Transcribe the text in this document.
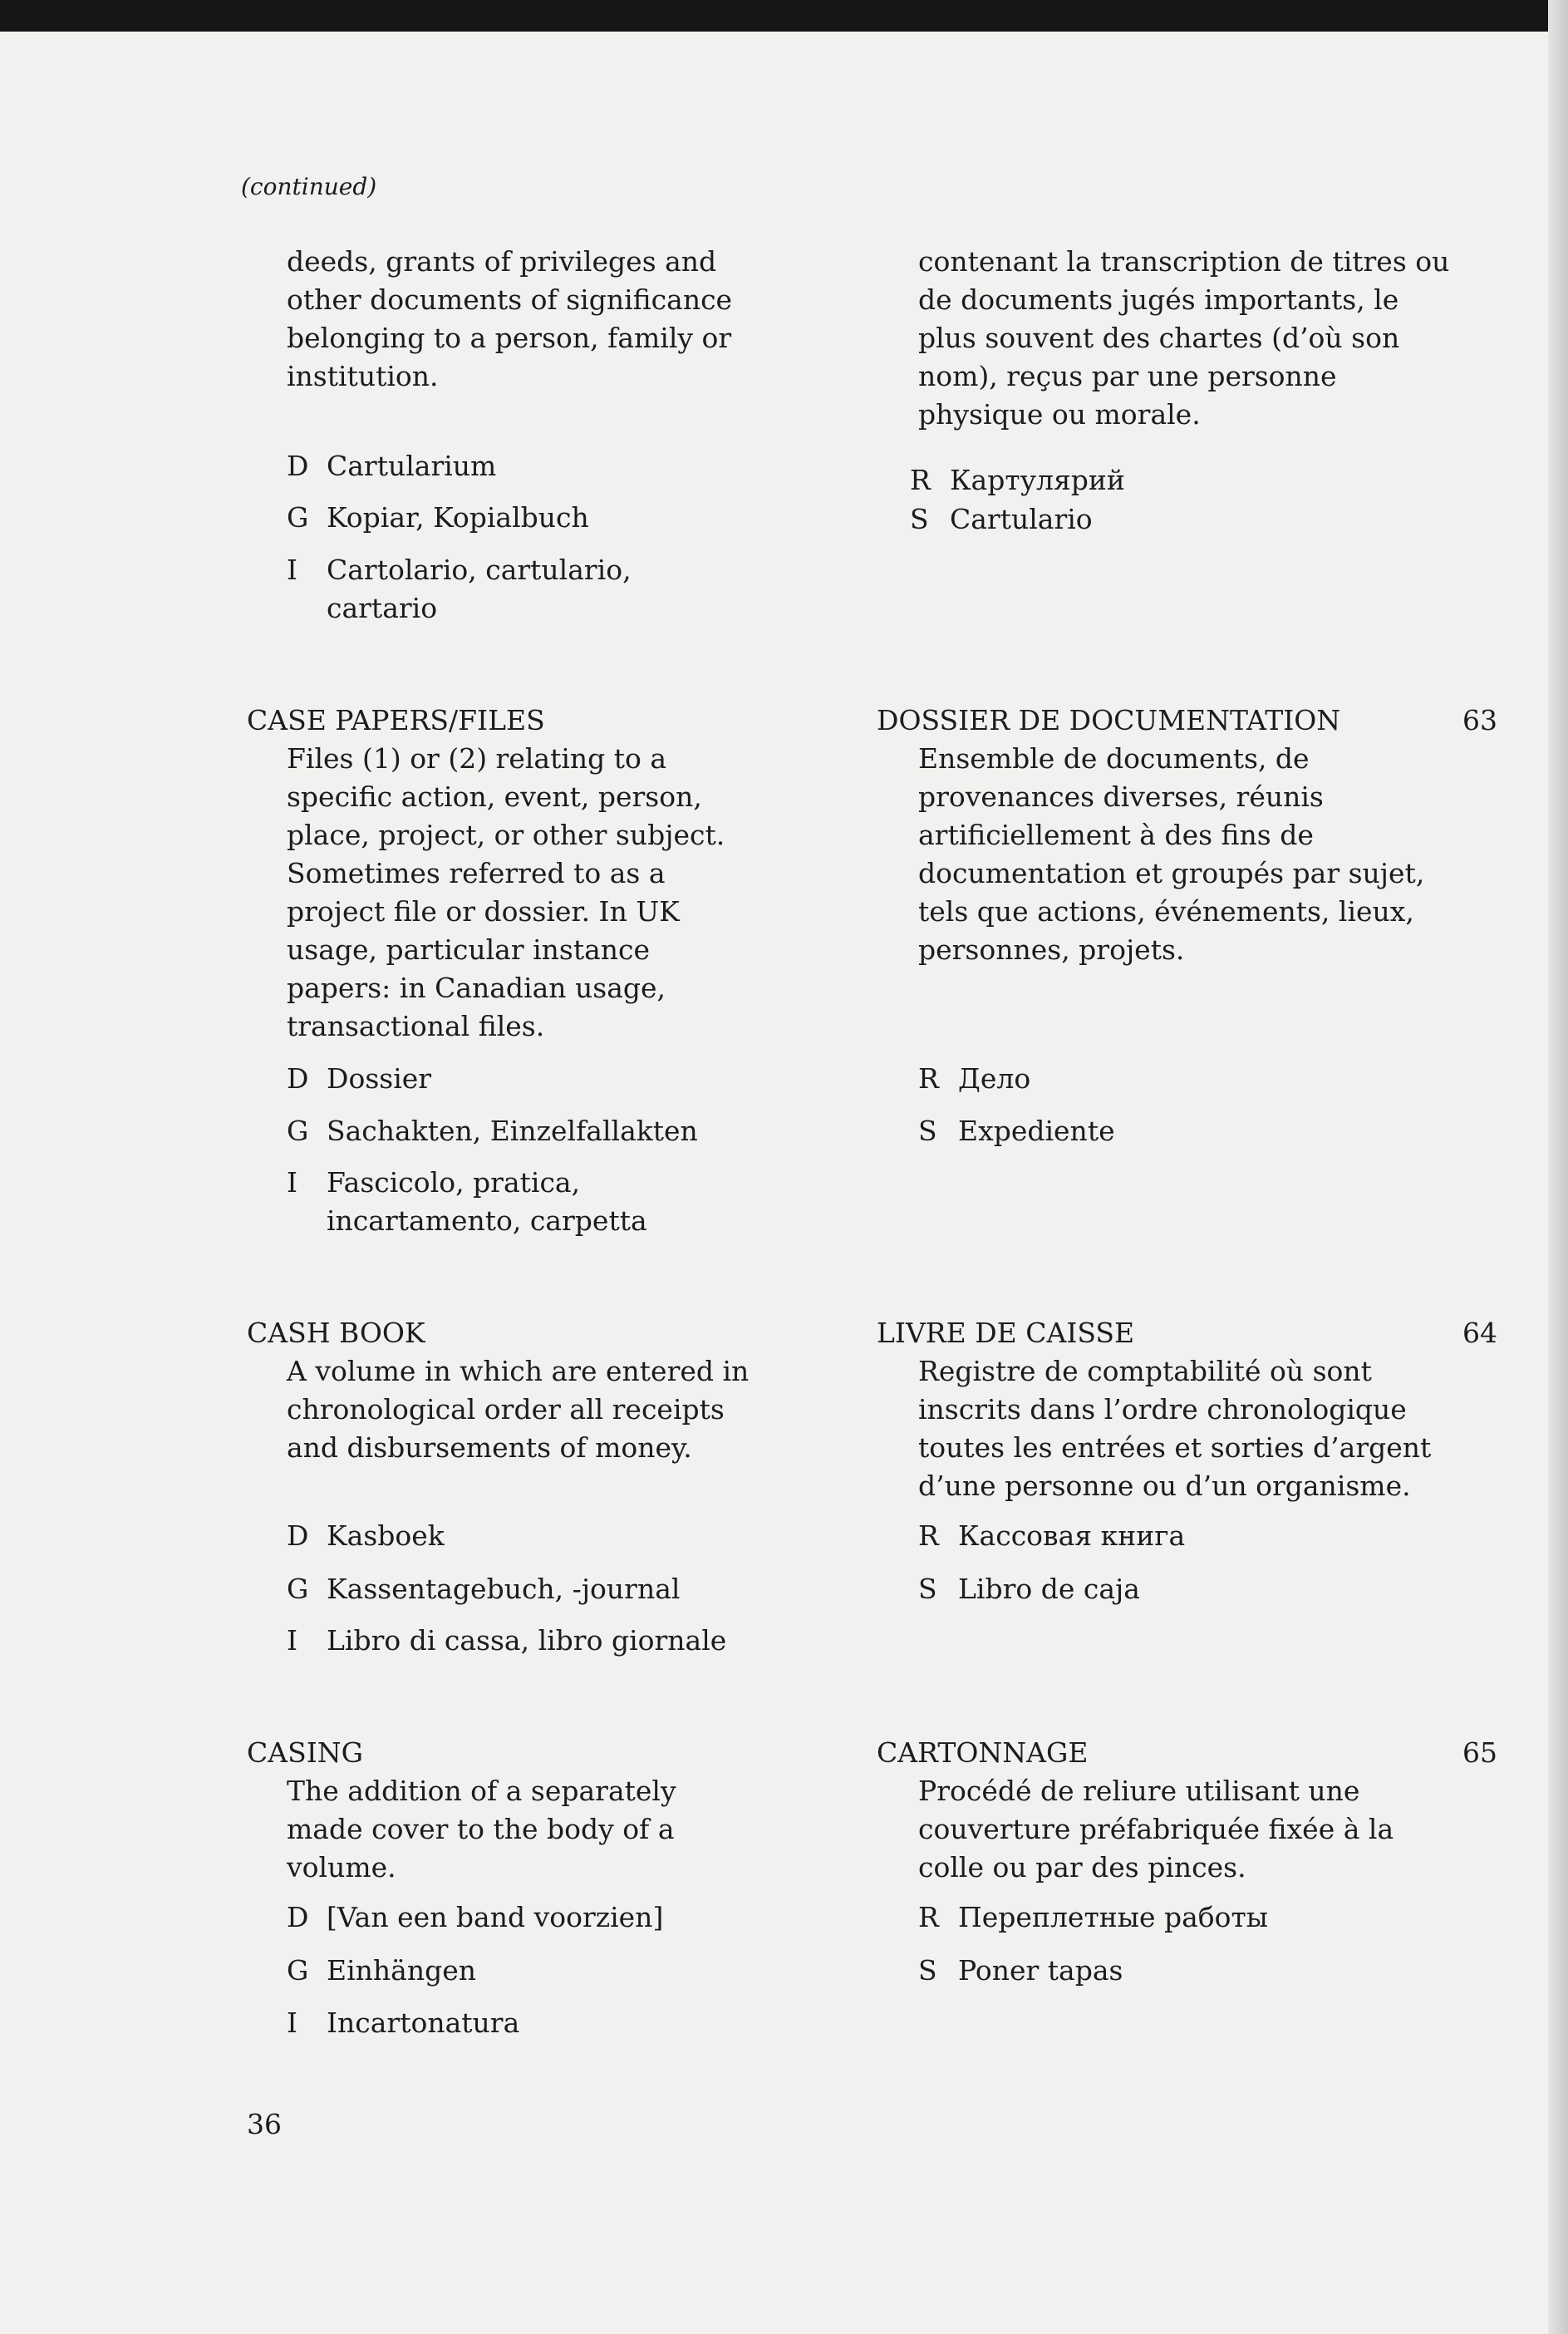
(continued)
deeds, grants of privileges and other documents of significance belonging to a person, family or institution.
contenant la transcription de titres ou de documents jugés importants, le plus souvent des chartes (d’où son nom), reçus par une personne physique ou morale.
D Cartularium
G Kopiar, Kopialbuch
I Cartolario, cartulario, cartario
R Картулярий
S Cartulario
CASE PAPERS/FILES	DOSSIER DE DOCUMENTATION	63
Files (1) or (2) relating to a specific action, event, person, place, project, or other subject. Sometimes referred to as a project file or dossier. In UK usage, particular instance papers: in Canadian usage, transactional files.
Ensemble de documents, de provenances diverses, réunis artificiellement à des fins de documentation et groupés par sujet, tels que actions, événements, lieux, personnes, projets.
D Dossier
G Sachakten, Einzelfallakten
I Fascicolo, pratica, incartamento, carpetta
R Дело
S Expediente
CASH BOOK	LIVRE DE CAISSE	64
A volume in which are entered in chronological order all receipts and disbursements of money.
Registre de comptabilité où sont inscrits dans l’ordre chronologique toutes les entrées et sorties d’argent d’une personne ou d’un organisme.
D Kasboek
G Kassentagebuch, -journal
I Libro di cassa, libro giornale
R Кассовая книга
S Libro de caja
CASING	CARTONNAGE	65
The addition of a separately made cover to the body of a volume.
Procédé de reliure utilisant une couverture préfabriquée fixée à la colle ou par des pinces.
D [Van een band voorzien]
G Einhängen
I Incartonatura
R Переплетные работы
S Poner tapas
36
